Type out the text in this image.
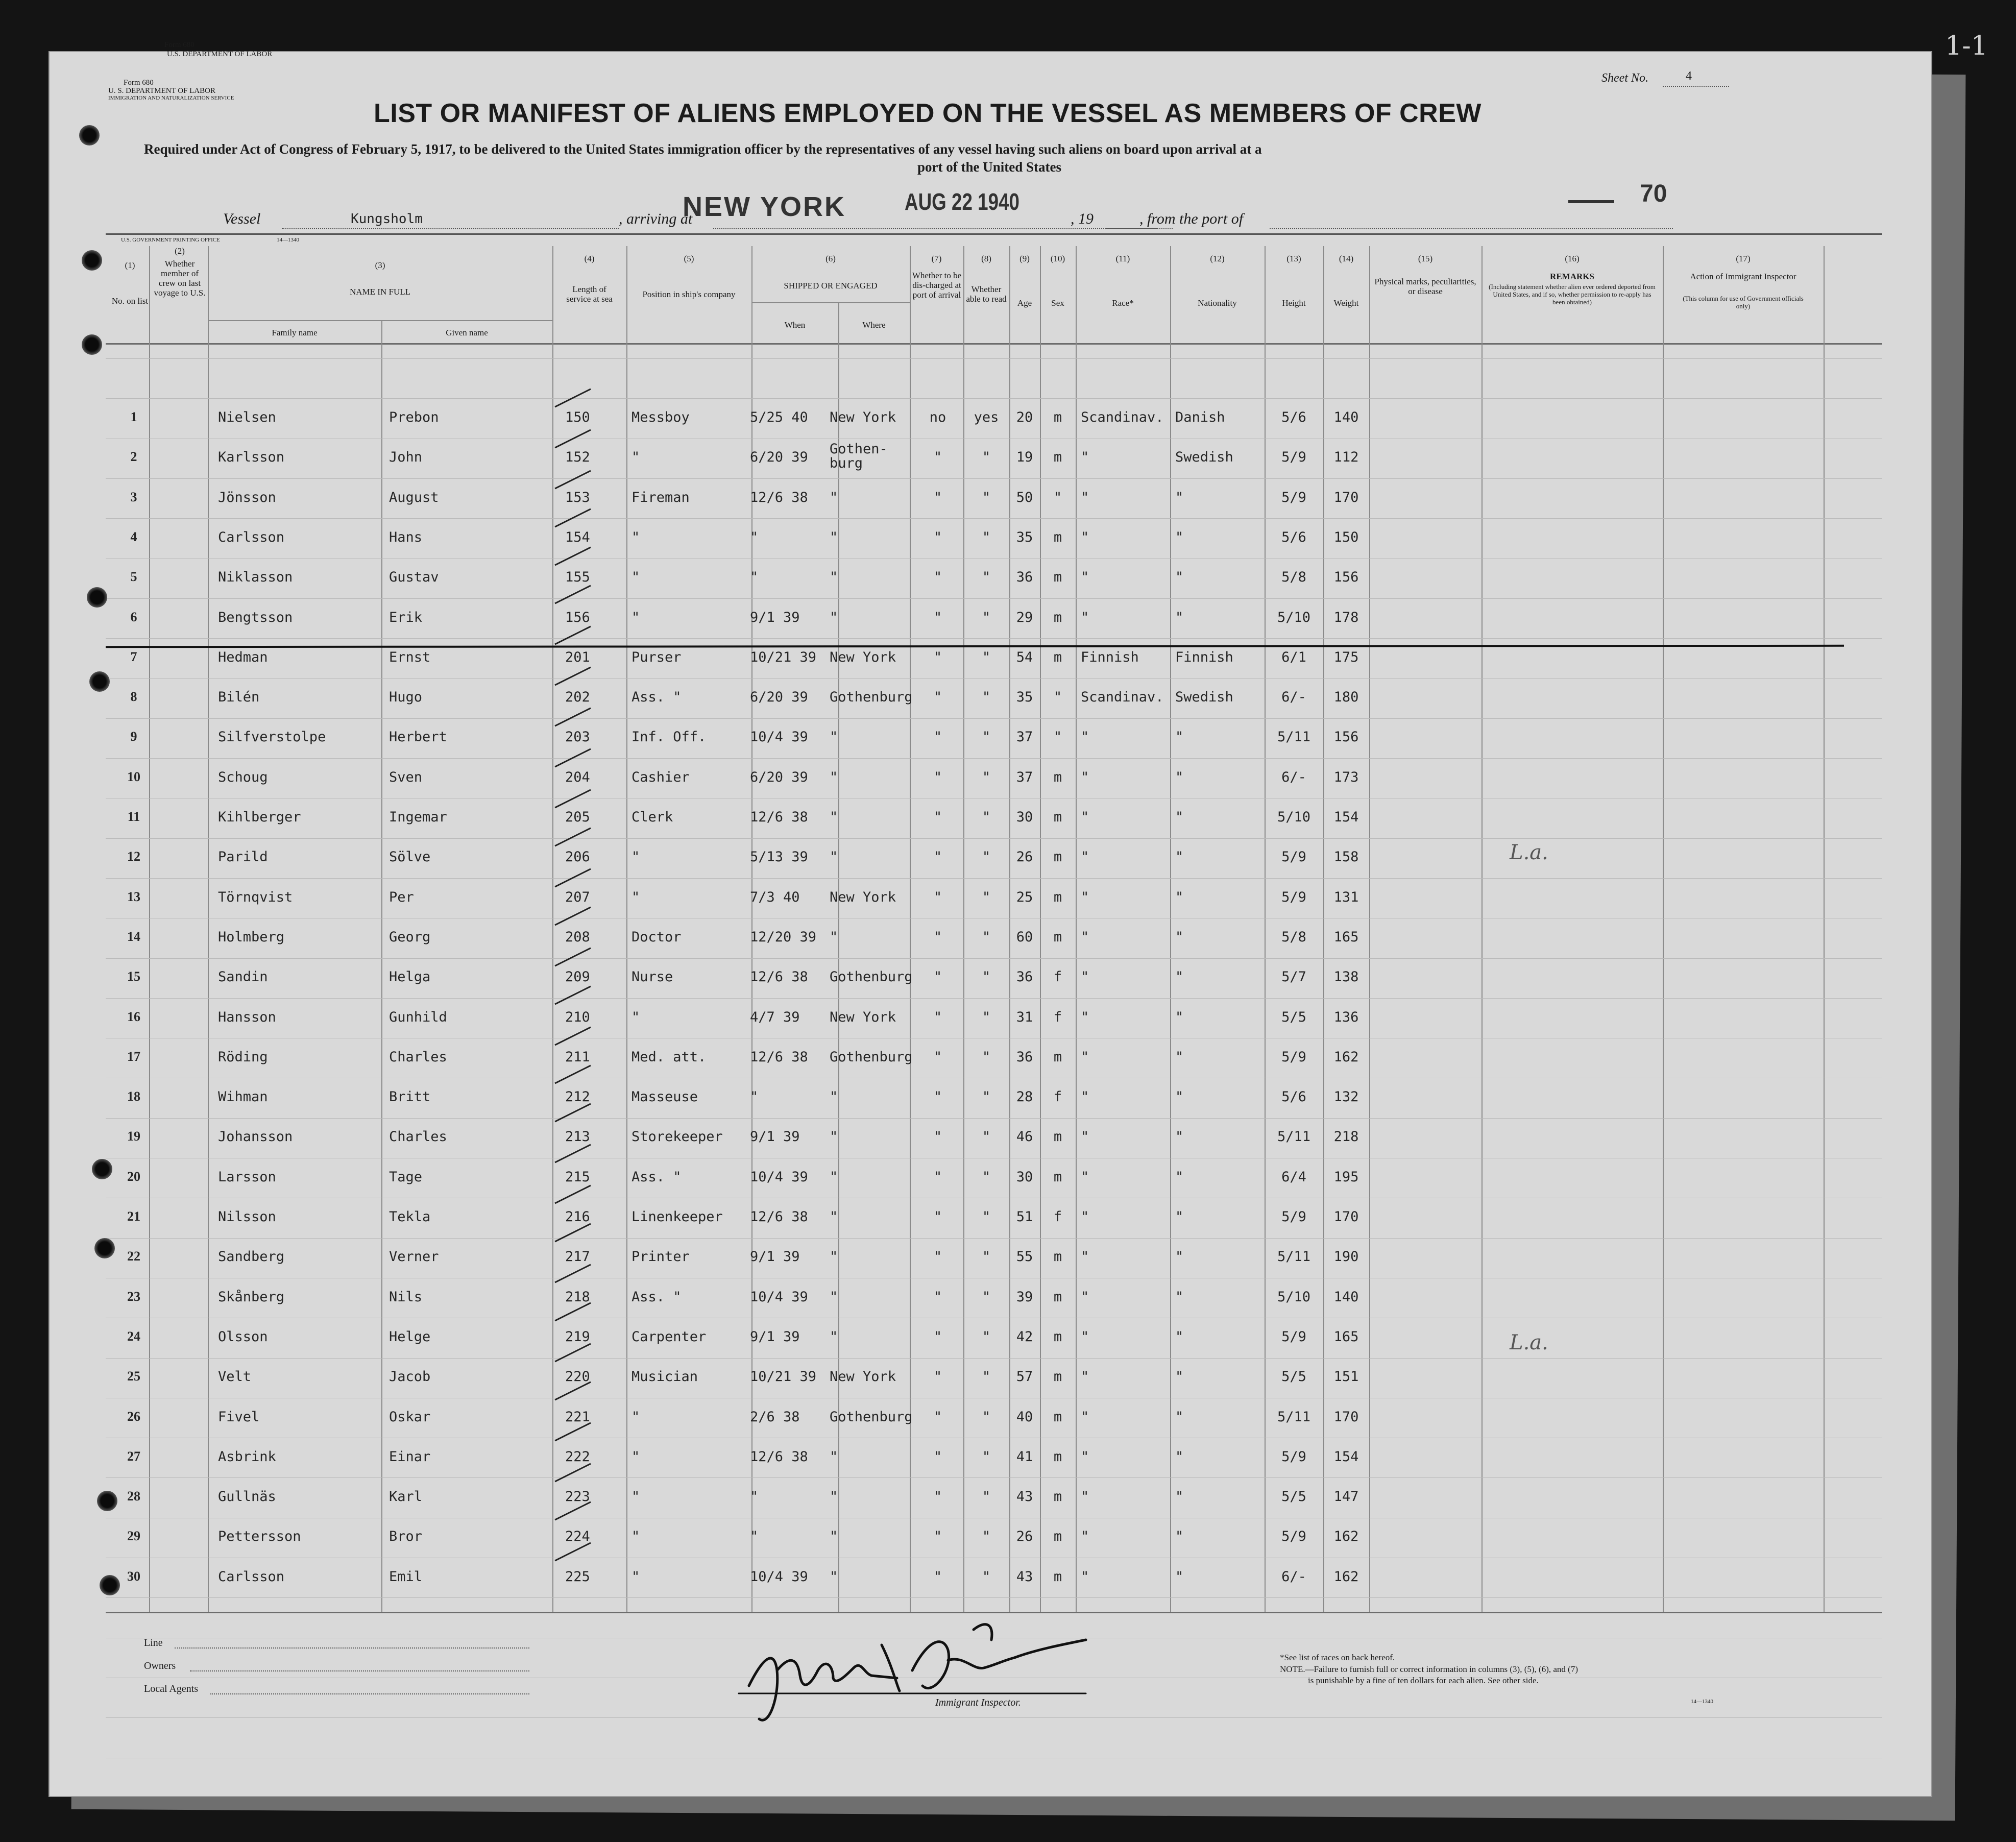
Form 680
U.S. DEPARTMENT OF LABOR
Form 680
U. S. DEPARTMENT OF LABOR
IMMIGRATION AND NATURALIZATION SERVICE
Sheet No.	4
LIST OR MANIFEST OF ALIENS EMPLOYED ON THE VESSEL AS MEMBERS OF CREW
Required under Act of Congress of February 5, 1917, to be delivered to the United States immigration officer by the representatives of any vessel having such aliens on board upon arrival at a
port of the United States
Vessel	Kungsholm	, arriving at
NEW YORK AUG 22 1940
, 19	, from the port of
70
U.S. GOVERNMENT PRINTING OFFICE	14—1340
(1)
(2)
(3)
(4)	(5)	(6)	(7)	(8)	(9)	(10)	(11)	(12)	(13)	(14)	(15)	(16)	(17)
No. on list
Whether member of crew on last voyage to U.S.	NAME IN FULL
Family name	Given name
Length of service at sea	Position in ship's company
SHIPPED OR ENGAGED
When	Where
Whether to be dis-charged at port of arrival
Whether able to read	Age	Sex	Race*	Nationality	Height	Weight
Physical marks, peculiarities, or disease
REMARKS
(Including statement whether alien ever ordered deported from United States, and if so, whether permission to re-apply has been obtained)
Action of Immigrant Inspector
(This column for use of Government officials only)
1	Nielsen	Prebon	150	Messboy	5/25 40	New York	no	yes	20	m	Scandinav. Danish	5/6	140
2	Karlsson	John	152	"	6/20 39
Gothen-
burg	"	"	19	m	"	Swedish	5/9	112
3	Jönsson	August	153	Fireman	12/6 38	"	"	"	50	"	"	"	5/9	170
4	Carlsson	Hans	154	"	"	"	"	"	35	m	"	"	5/6	150
5	Niklasson	Gustav	155	"	"	"	"	"	36	m	"	"	5/8	156
6	Bengtsson	Erik	156	"	9/1 39	"	"	"	29	m	"	"	5/10	178
7	Hedman	Ernst	201	Purser	10/21 39 New York	"	"	54	m	Finnish	Finnish	6/1	175
8	Bilén	Hugo	202	Ass. "	6/20 39	Gothenburg	"	"	35	"	Scandinav. Swedish	6/-	180
9	Silfverstolpe	Herbert	203	Inf. Off.	10/4 39	"	"	"	37	"	"	"	5/11	156
10	Schoug	Sven	204	Cashier	6/20 39	"	"	"	37	m	"	"	6/-	173
11	Kihlberger	Ingemar	205	Clerk	12/6 38	"	"	"	30	m	"	"	5/10	154
12	Parild	Sölve	206	"	5/13 39	"	"	"	26	m	"	"	5/9	158
13	Törnqvist	Per	207	"	7/3 40	New York	"	"	25	m	"	"	5/9	131
14	Holmberg	Georg	208	Doctor	12/20 39 "	"	"	60	m	"	"	5/8	165
15	Sandin	Helga	209	Nurse	12/6 38	Gothenburg	"	"	36	f	"	"	5/7	138
16	Hansson	Gunhild	210	"	4/7 39	New York	"	"	31	f	"	"	5/5	136
17	Röding	Charles	211	Med. att.	12/6 38	Gothenburg	"	"	36	m	"	"	5/9	162
18	Wihman	Britt	212	Masseuse	"	"	"	"	28	f	"	"	5/6	132
19	Johansson	Charles	213	Storekeeper	9/1 39	"	"	"	46	m	"	"	5/11	218
20	Larsson	Tage	215	Ass. "	10/4 39	"	"	"	30	m	"	"	6/4	195
21	Nilsson	Tekla	216	Linenkeeper	12/6 38	"	"	"	51	f	"	"	5/9	170
22	Sandberg	Verner	217	Printer	9/1 39	"	"	"	55	m	"	"	5/11	190
23	Skånberg	Nils	218	Ass. "	10/4 39	"	"	"	39	m	"	"	5/10	140
24	Olsson	Helge	219	Carpenter	9/1 39	"	"	"	42	m	"	"	5/9	165
25	Velt	Jacob	220	Musician	10/21 39 New York	"	"	57	m	"	"	5/5	151
26	Fivel	Oskar	221	"	2/6 38	Gothenburg	"	"	40	m	"	"	5/11	170
27	Asbrink	Einar	222	"	12/6 38	"	"	"	41	m	"	"	5/9	154
28	Gullnäs	Karl	223	"	"	"	"	"	43	m	"	"	5/5	147
29	Pettersson	Bror	224	"	"	"	"	"	26	m	"	"	5/9	162
30	Carlsson	Emil	225	"	10/4 39	"	"	"	43	m	"	"	6/-	162
L.a.
L.a.
Line
Owners
Local Agents
Immigrant Inspector.
*See list of races on back hereof.
NOTE.—Failure to furnish full or correct information in columns (3), (5), (6), and (7)
is punishable by a fine of ten dollars for each alien. See other side.
14—1340
1-1
